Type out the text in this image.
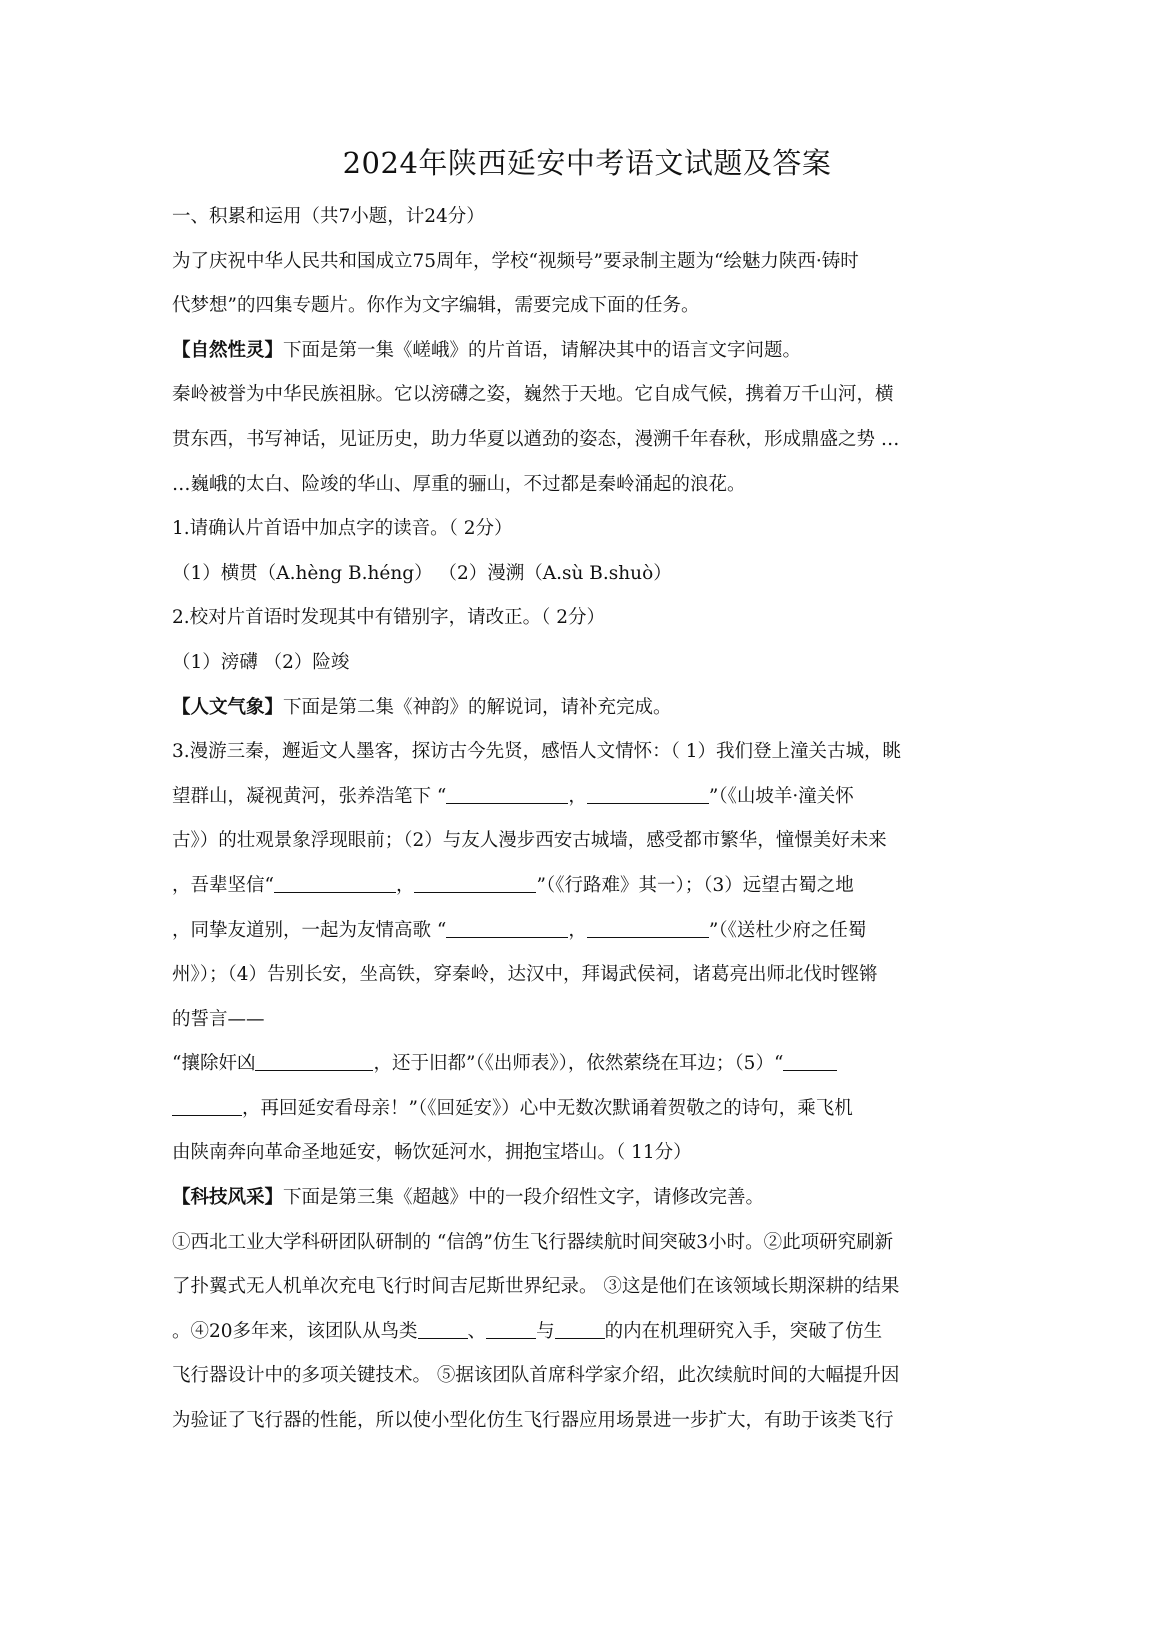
2024年陕西延安中考语文试题及答案
一、积累和运用（共7小题，计24分）
为了庆祝中华人民共和国成立75周年，学校“视频号”要录制主题为“绘魅力陕西·铸时
代梦想”的四集专题片。你作为文字编辑，需要完成下面的任务。
【自然性灵】下面是第一集《嵯峨》的片首语，请解决其中的语言文字问题。
秦岭被誉为中华民族祖脉。它以滂礴之姿，巍然于天地。它自成气候，携着万千山河，横
贯东西，书写神话，见证历史，助力华夏以遒劲的姿态，漫溯千年春秋，形成鼎盛之势 …
…巍峨的太白、险竣的华山、厚重的骊山，不过都是秦岭涌起的浪花。
1.请确认片首语中加点字的读音。（ 2分）
（1）横贯（A.hèng B.héng） （2）漫溯（A.sù B.shuò）
2.校对片首语时发现其中有错别字，请改正。（ 2分）
（1）滂礴 （2）险竣
【人文气象】下面是第二集《神韵》的解说词，请补充完成。
3.漫游三秦，邂逅文人墨客，探访古今先贤，感悟人文情怀：（ 1）我们登上潼关古城，眺
望群山，凝视黄河，张养浩笔下 “	，	”（《山坡羊·潼关怀
古》）的壮观景象浮现眼前；（2）与友人漫步西安古城墙，感受都市繁华，憧憬美好未来
，吾辈坚信“	，	”（《行路难》其一）；（3）远望古蜀之地
，同挚友道别，一起为友情高歌 “	，	”（《送杜少府之任蜀
州》）；（4）告别长安，坐高铁，穿秦岭，达汉中，拜谒武侯祠，诸葛亮出师北伐时铿锵
的誓言——
“攘除奸凶	，还于旧都”（《出师表》），依然萦绕在耳边；（5）“
，再回延安看母亲！”（《回延安》）心中无数次默诵着贺敬之的诗句，乘飞机
由陕南奔向革命圣地延安，畅饮延河水，拥抱宝塔山。（ 11分）
【科技风采】下面是第三集《超越》中的一段介绍性文字，请修改完善。
①西北工业大学科研团队研制的 “信鸽”仿生飞行器续航时间突破3小时。②此项研究刷新
了扑翼式无人机单次充电飞行时间吉尼斯世界纪录。 ③这是他们在该领域长期深耕的结果
。④20多年来，该团队从鸟类	、	与	的内在机理研究入手，突破了仿生
飞行器设计中的多项关键技术。 ⑤据该团队首席科学家介绍，此次续航时间的大幅提升因
为验证了飞行器的性能，所以使小型化仿生飞行器应用场景进一步扩大，有助于该类飞行
